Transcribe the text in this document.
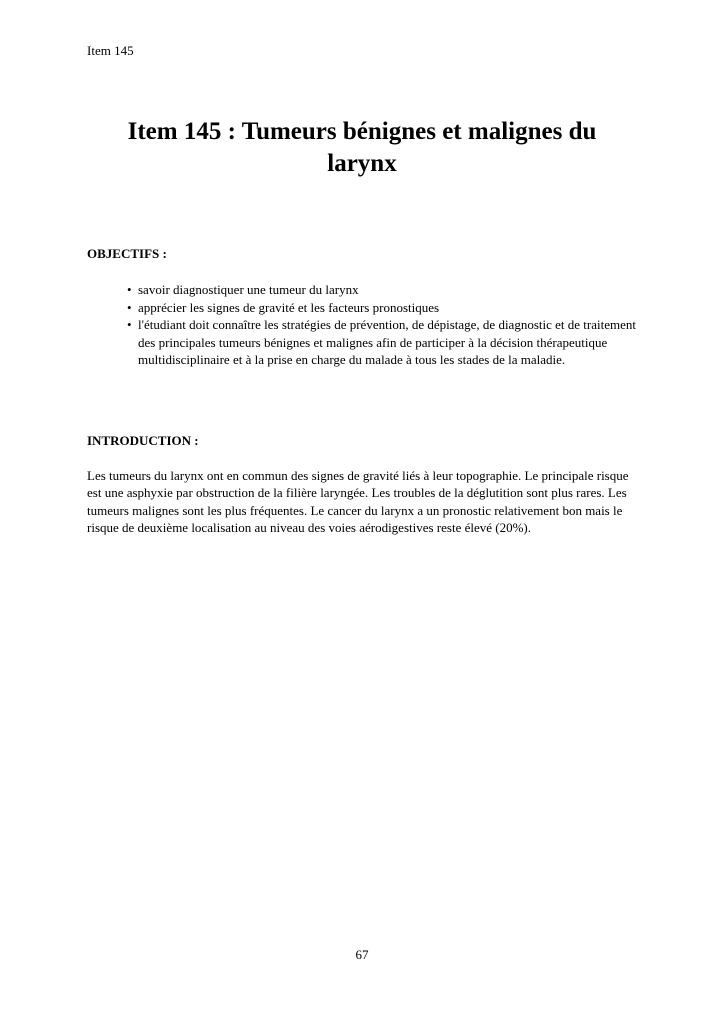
Item 145
Item 145 : Tumeurs bénignes et malignes du
larynx
OBJECTIFS :
• savoir diagnostiquer une tumeur du larynx
• apprécier les signes de gravité et les facteurs pronostiques
• l'étudiant doit connaître les stratégies de prévention, de dépistage, de diagnostic et de traitement des principales tumeurs bénignes et malignes afin de participer à la décision thérapeutique multidisciplinaire et à la prise en charge du malade à tous les stades de la maladie.
INTRODUCTION :

Les tumeurs du larynx ont en commun des signes de gravité liés à leur topographie. Le principale risque est une asphyxie par obstruction de la filière laryngée. Les troubles de la déglutition sont plus rares. Les tumeurs malignes sont les plus fréquentes. Le cancer du larynx a un pronostic relativement bon mais le risque de deuxième localisation au niveau des voies aérodigestives reste élevé (20%).

67
